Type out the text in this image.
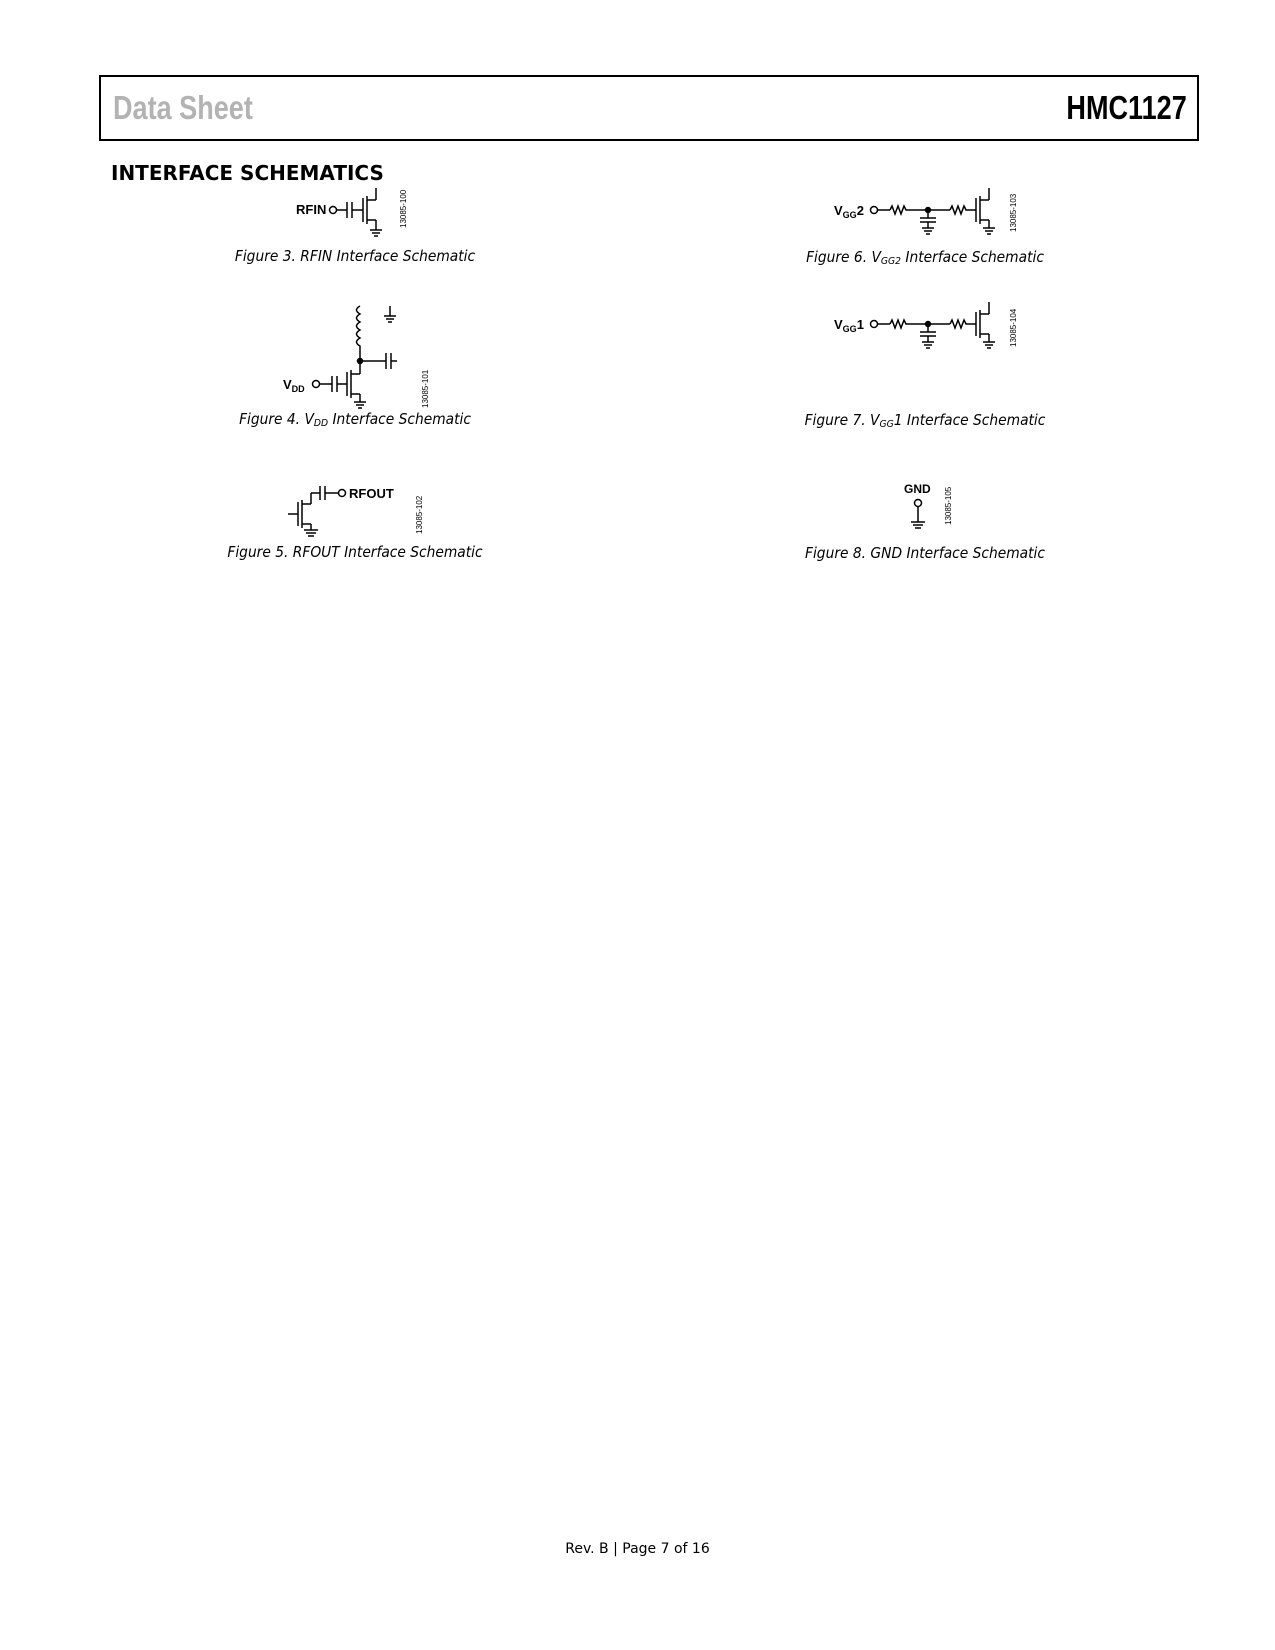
Data Sheet	HMC1127
INTERFACE SCHEMATICS
RFIN	13085-100
Figure 3. RFIN Interface Schematic
$V_{DD}$	13085-101
Figure 4. $V_{DD}$ Interface Schematic
RFOUT
13085-102
Figure 5. RFOUT Interface Schematic
$V_{GG}2$	13085-103
Figure 6. $V_{GG2}$ Interface Schematic
$V_{GG}1$	13085-104
Figure 7. $V_{GG}1$ Interface Schematic
GND 13085-105
Figure 8. GND Interface Schematic
Rev. B | Page 7 of 16
